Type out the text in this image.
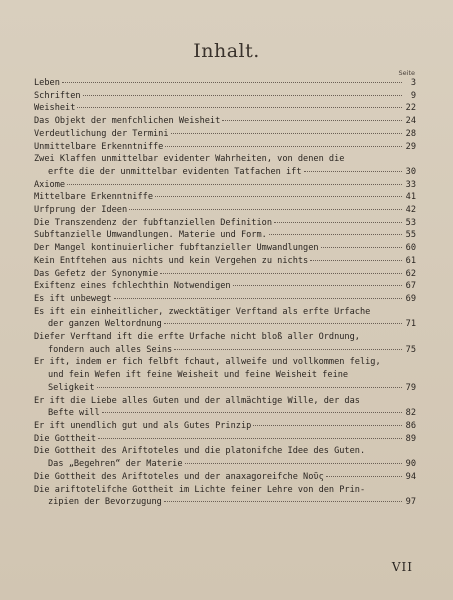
Inhalt.
Seite
Leben	3
Schriften	9
Weisheit	22
Das Objekt der menfchlichen Weisheit	24
Verdeutlichung der Termini	28
Unmittelbare Erkenntniffe	29
Zwei Klaffen unmittelbar evidenter Wahrheiten, von denen die
erfte die der unmittelbar evidenten Tatfachen ift	30
Axiome	33
Mittelbare Erkenntniffe	41
Urfprung der Ideen	42
Die Transzendenz der fubftanziellen Definition	53
Subftanzielle Umwandlungen. Materie und Form.	55
Der Mangel kontinuierlicher fubftanzieller Umwandlungen	60
Kein Entftehen aus nichts und kein Vergehen zu nichts	61
Das Gefetz der Synonymie	62
Exiftenz eines fchlechthin Notwendigen	67
Es ift unbewegt	69
Es ift ein einheitlicher, zwecktätiger Verftand als erfte Urfache
der ganzen Weltordnung	71
Diefer Verftand ift die erfte Urfache nicht bloß aller Ordnung,
fondern auch alles Seins	75
Er ift, indem er fich felbft fchaut, allweife und vollkommen felig,
und fein Wefen ift feine Weisheit und feine Weisheit feine
Seligkeit	79
Er ift die Liebe alles Guten und der allmächtige Wille, der das
Befte will	82
Er ift unendlich gut und als Gutes Prinzip	86
Die Gottheit	89
Die Gottheit des Ariftoteles und die platonifche Idee des Guten.
Das „Begehren“ der Materie	90
Die Gottheit des Ariftoteles und der anaxagoreifche Noῦς	94
Die ariftotelifche Gottheit im Lichte feiner Lehre von den Prin-
zipien der Bevorzugung	97
VII
